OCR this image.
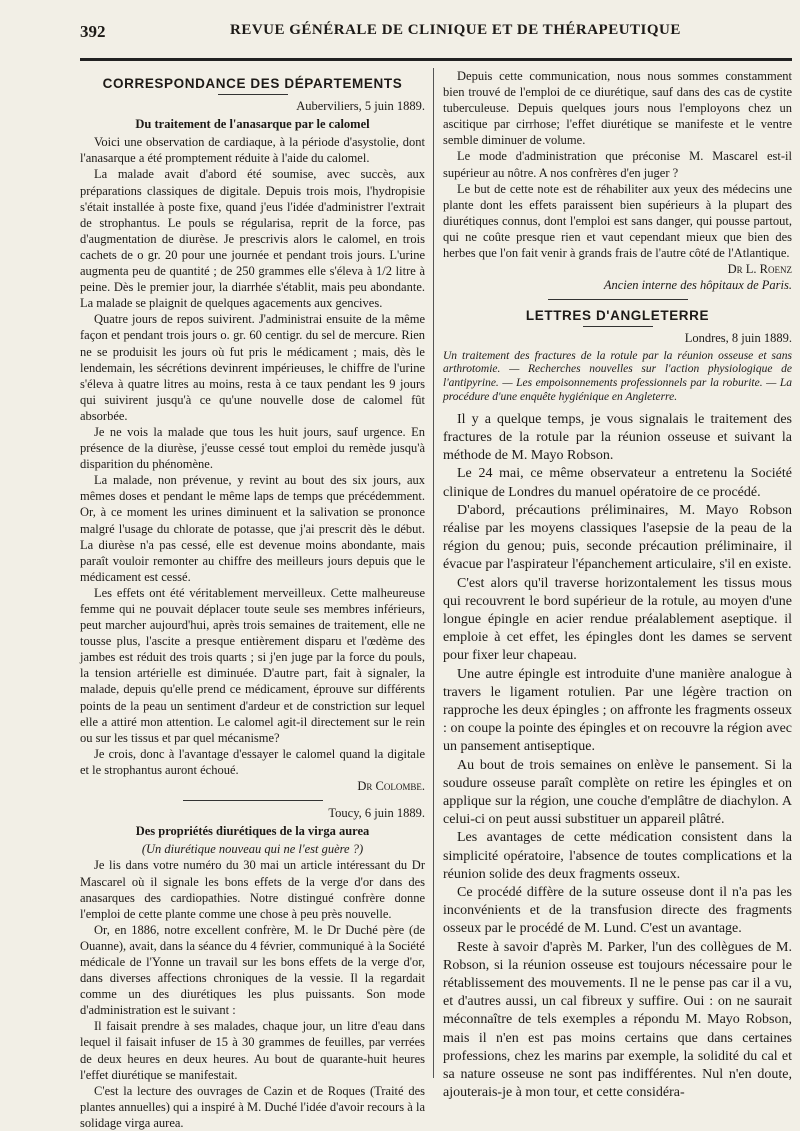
392	REVUE GÉNÉRALE DE CLINIQUE ET DE THÉRAPEUTIQUE
CORRESPONDANCE DES DÉPARTEMENTS

Auberviliers, 5 juin 1889.

Du traitement de l'anasarque par le calomel

Voici une observation de cardiaque, à la période d'asystolie, dont l'anasarque a été promptement réduite à l'aide du calomel.

La malade avait d'abord été soumise, avec succès, aux préparations classiques de digitale. Depuis trois mois, l'hydropisie s'était installée à poste fixe, quand j'eus l'idée d'administrer l'extrait de strophantus. Le pouls se régularisa, reprit de la force, pas d'augmentation de diurèse. Je prescrivis alors le calomel, en trois cachets de o gr. 20 pour une journée et pendant trois jours. L'urine augmenta peu de quantité ; de 250 grammes elle s'éleva à 1/2 litre à peine. Dès le premier jour, la diarrhée s'établit, mais peu abondante. La malade se plaignit de quelques agacements aux gencives.

Quatre jours de repos suivirent. J'administrai ensuite de la même façon et pendant trois jours o. gr. 60 centigr. du sel de mercure. Rien ne se produisit les jours où fut pris le médicament ; mais, dès le lendemain, les sécrétions devinrent impérieuses, le chiffre de l'urine s'éleva à quatre litres au moins, resta à ce taux pendant les 9 jours qui suivirent jusqu'à ce qu'une nouvelle dose de calomel fût absorbée.

Je ne vois la malade que tous les huit jours, sauf urgence. En présence de la diurèse, j'eusse cessé tout emploi du remède jusqu'à disparition du phénomène.

La malade, non prévenue, y revint au bout des six jours, aux mêmes doses et pendant le même laps de temps que précédemment. Or, à ce moment les urines diminuent et la salivation se prononce malgré l'usage du chlorate de potasse, que j'ai prescrit dès le début. La diurèse n'a pas cessé, elle est devenue moins abondante, mais paraît vouloir remonter au chiffre des meilleurs jours depuis que le médicament est cessé.

Les effets ont été véritablement merveilleux. Cette malheureuse femme qui ne pouvait déplacer toute seule ses membres inférieurs, peut marcher aujourd'hui, après trois semaines de traitement, elle ne tousse plus, l'ascite a presque entièrement disparu et l'œdème des jambes est réduit des trois quarts ; si j'en juge par la force du pouls, la tension artérielle est diminuée. D'autre part, fait à signaler, la malade, depuis qu'elle prend ce médicament, éprouve sur différents points de la peau un sentiment d'ardeur et de constriction sur lequel elle a attiré mon attention. Le calomel agit-il directement sur le rein ou sur les tissus et par quel mécanisme?

Je crois, donc à l'avantage d'essayer le calomel quand la digitale et le strophantus auront échoué.

Dr Colombe.

Toucy, 6 juin 1889.

Des propriétés diurétiques de la virga aurea

(Un diurétique nouveau qui ne l'est guère ?)

Je lis dans votre numéro du 30 mai un article intéressant du Dr Mascarel où il signale les bons effets de la verge d'or dans des anasarques des cardiopathies. Notre distingué confrère donne l'emploi de cette plante comme une chose à peu près nouvelle.

Or, en 1886, notre excellent confrère, M. le Dr Duché père (de Ouanne), avait, dans la séance du 4 février, communiqué à la Société médicale de l'Yonne un travail sur les bons effets de la verge d'or, dans diverses affections chroniques de la vessie. Il la regardait comme un des diurétiques les plus puissants. Son mode d'administration est le suivant :

Il faisait prendre à ses malades, chaque jour, un litre d'eau dans lequel il faisait infuser de 15 à 30 grammes de feuilles, par verrées de deux heures en deux heures. Au bout de quarante-huit heures l'effet diurétique se manifestait.

C'est la lecture des ouvrages de Cazin et de Roques (Traité des plantes annuelles) qui a inspiré à M. Duché l'idée d'avoir recours à la solidage virga aurea.

Depuis cette communication, nous nous sommes constamment bien trouvé de l'emploi de ce diurétique, sauf dans des cas de cystite tuberculeuse. Depuis quelques jours nous l'employons chez un ascitique par cirrhose; l'effet diurétique se manifeste et le ventre semble diminuer de volume.

Le mode d'administration que préconise M. Mascarel est-il supérieur au nôtre. A nos confrères d'en juger ?

Le but de cette note est de réhabiliter aux yeux des médecins une plante dont les effets paraissent bien supérieurs à la plupart des diurétiques connus, dont l'emploi est sans danger, qui pousse partout, qui ne coûte presque rien et vaut cependant mieux que bien des herbes que l'on fait venir à grands frais de l'autre côté de l'Atlantique.

Dr L. Roenz

Ancien interne des hôpitaux de Paris.

LETTRES D'ANGLETERRE

Londres, 8 juin 1889.

Un traitement des fractures de la rotule par la réunion osseuse et sans arthrotomie. — Recherches nouvelles sur l'action physiologique de l'antipyrine. — Les empoisonnements professionnels par la roburite. — La procédure d'une enquête hygiénique en Angleterre.

Il y a quelque temps, je vous signalais le traitement des fractures de la rotule par la réunion osseuse et suivant la méthode de M. Mayo Robson.

Le 24 mai, ce même observateur a entretenu la Société clinique de Londres du manuel opératoire de ce procédé.

D'abord, précautions préliminaires, M. Mayo Robson réalise par les moyens classiques l'asepsie de la peau de la région du genou; puis, seconde précaution préliminaire, il évacue par l'aspirateur l'épanchement articulaire, s'il en existe.

C'est alors qu'il traverse horizontalement les tissus mous qui recouvrent le bord supérieur de la rotule, au moyen d'une longue épingle en acier rendue préalablement aseptique. il emploie à cet effet, les épingles dont les dames se servent pour fixer leur chapeau.

Une autre épingle est introduite d'une manière analogue à travers le ligament rotulien. Par une légère traction on rapproche les deux épingles ; on affronte les fragments osseux : on coupe la pointe des épingles et on recouvre la région avec un pansement antiseptique.

Au bout de trois semaines on enlève le pansement. Si la soudure osseuse paraît complète on retire les épingles et on applique sur la région, une couche d'emplâtre de diachylon. A celui-ci on peut aussi substituer un appareil plâtré.

Les avantages de cette médication consistent dans la simplicité opératoire, l'absence de toutes complications et la réunion solide des deux fragments osseux.

Ce procédé diffère de la suture osseuse dont il n'a pas les inconvénients et de la transfusion directe des fragments osseux par le procédé de M. Lund. C'est un avantage.

Reste à savoir d'après M. Parker, l'un des collègues de M. Robson, si la réunion osseuse est toujours nécessaire pour le rétablissement des mouvements. Il ne le pense pas car il a vu, et d'autres aussi, un cal fibreux y suffire. Oui : on ne saurait méconnaître de tels exemples a répondu M. Mayo Robson, mais il n'en est pas moins certains que dans certaines professions, chez les marins par exemple, la solidité du cal et sa nature osseuse ne sont pas indifférentes. Nul n'en doute, ajouterais-je à mon tour, et cette considéra-
